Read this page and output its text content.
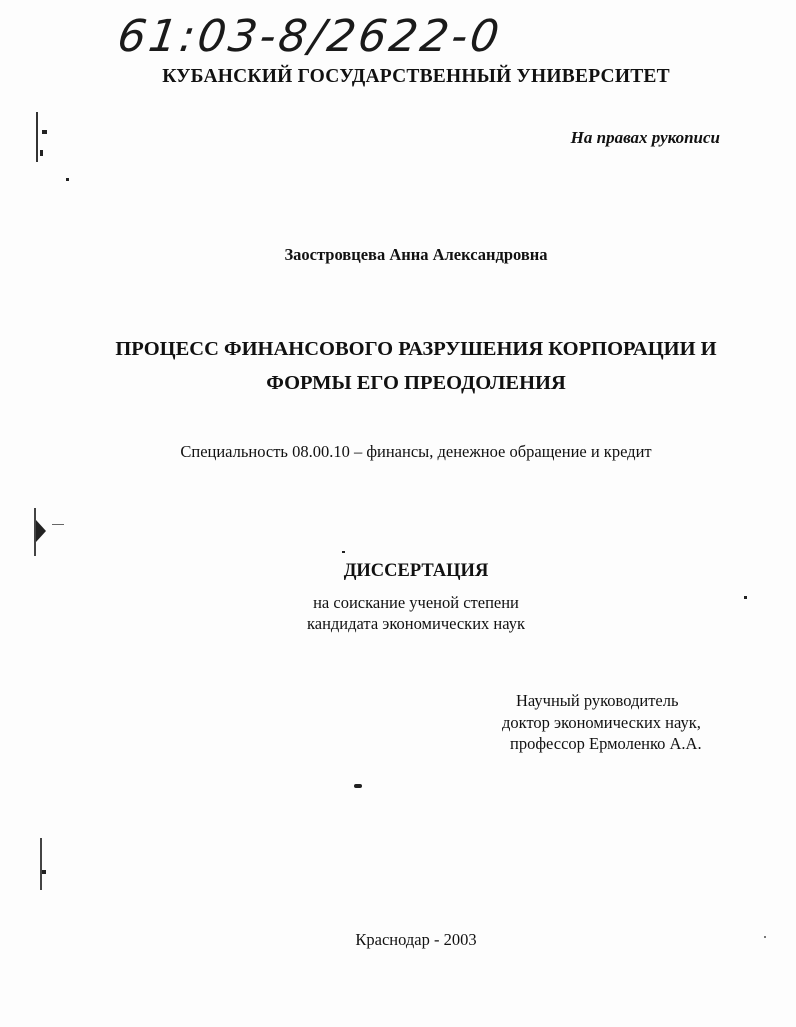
61:03-8/2622-0
КУБАНСКИЙ ГОСУДАРСТВЕННЫЙ УНИВЕРСИТЕТ
На правах рукописи
Заостровцева Анна Александровна
ПРОЦЕСС ФИНАНСОВОГО РАЗРУШЕНИЯ КОРПОРАЦИИ И
ФОРМЫ ЕГО ПРЕОДОЛЕНИЯ
Специальность 08.00.10 – финансы, денежное обращение и кредит
ДИССЕРТАЦИЯ
на соискание ученой степени
кандидата экономических наук
Научный руководитель
доктор экономических наук,
профессор Ермоленко А.А.
Краснодар - 2003
